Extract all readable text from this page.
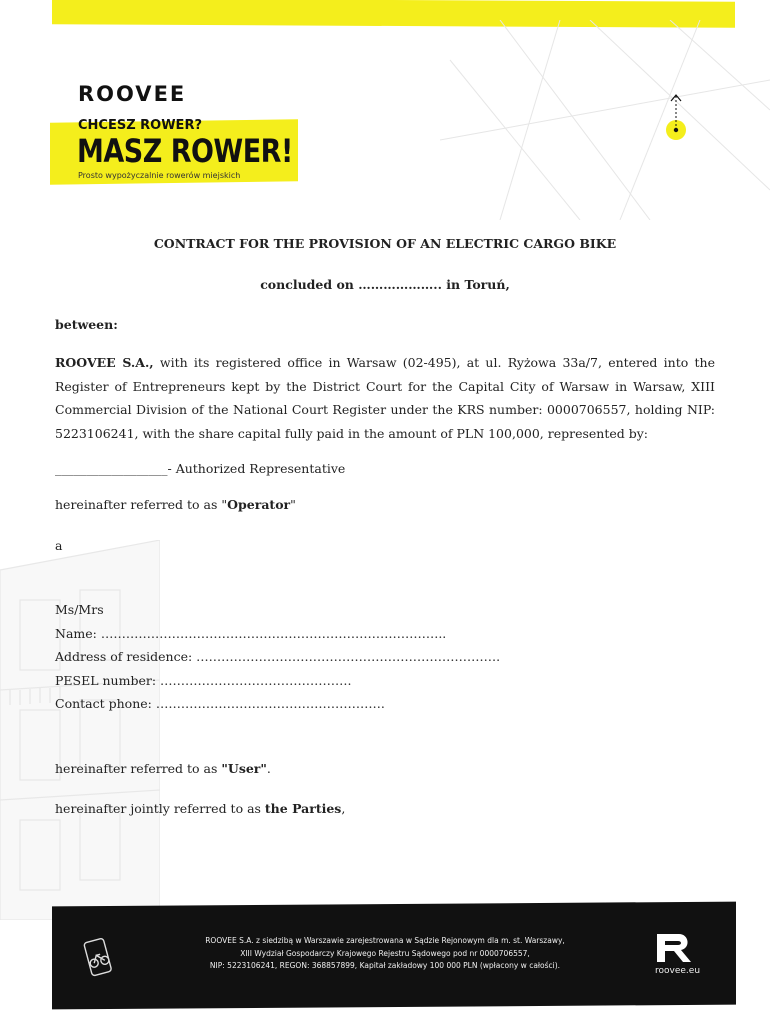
ROOVEE
CHCESZ ROWER?
MASZ ROWER!
Prosto wypożyczalnie rowerów miejskich
CONTRACT FOR THE PROVISION OF AN ELECTRIC CARGO BIKE
concluded on ……………….. in Toruń,
between:
ROOVEE S.A., with its registered office in Warsaw (02-495), at ul. Ryżowa 33a/7, entered into the Register of Entrepreneurs kept by the District Court for the Capital City of Warsaw in Warsaw, XIII Commercial Division of the National Court Register under the KRS number: 0000706557, holding NIP: 5223106241, with the share capital fully paid in the amount of PLN 100,000, represented by:
__________________- Authorized Representative
hereinafter referred to as "Operator"
a
Ms/Mrs
Name: ………………………………………………………………………..
Address of residence: ……………………………………………………………….
PESEL number: ……………………………………….
Contact phone: ……………………………………………….
hereinafter referred to as "User".
hereinafter jointly referred to as the Parties,
ROOVEE S.A. z siedzibą w Warszawie zarejestrowana w Sądzie Rejonowym dla m. st. Warszawy,
XIII Wydział Gospodarczy Krajowego Rejestru Sądowego pod nr 0000706557,
NIP: 5223106241, REGON: 368857899, Kapitał zakładowy 100 000 PLN (wpłacony w całości).
roovee.eu
